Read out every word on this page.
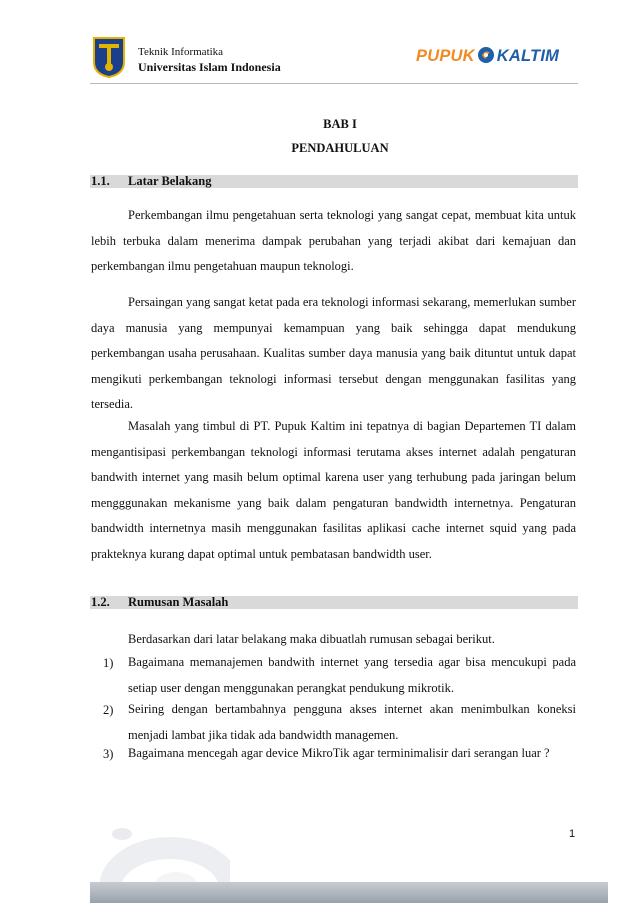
Teknik Informatika
Universitas Islam Indonesia
PUPUK KALTIM
BAB I
PENDAHULUAN
1.1. Latar Belakang

Perkembangan ilmu pengetahuan serta teknologi yang sangat cepat, membuat kita untuk lebih terbuka dalam menerima dampak perubahan yang terjadi akibat dari kemajuan dan perkembangan ilmu pengetahuan maupun teknologi.

Persaingan yang sangat ketat pada era teknologi informasi sekarang, memerlukan sumber daya manusia yang mempunyai kemampuan yang baik sehingga dapat mendukung perkembangan usaha perusahaan. Kualitas sumber daya manusia yang baik dituntut untuk dapat mengikuti perkembangan teknologi informasi tersebut dengan menggunakan fasilitas yang tersedia.

Masalah yang timbul di PT. Pupuk Kaltim ini tepatnya di bagian Departemen TI dalam mengantisipasi perkembangan teknologi informasi terutama akses internet adalah pengaturan bandwith internet yang masih belum optimal karena user yang terhubung pada jaringan belum mengggunakan mekanisme yang baik dalam pengaturan bandwidth internetnya. Pengaturan bandwidth internetnya masih menggunakan fasilitas aplikasi cache internet squid yang pada prakteknya kurang dapat optimal untuk pembatasan bandwidth user.

1.2. Rumusan Masalah
Berdasarkan dari latar belakang maka dibuatlah rumusan sebagai berikut.
1) Bagaimana memanajemen bandwith internet yang tersedia agar bisa mencukupi pada setiap user dengan menggunakan perangkat pendukung mikrotik.

2) Seiring dengan bertambahnya pengguna akses internet akan menimbulkan koneksi menjadi lambat jika tidak ada bandwidth managemen.

3) Bagaimana mencegah agar device MikroTik agar terminimalisir dari serangan luar ?

1
